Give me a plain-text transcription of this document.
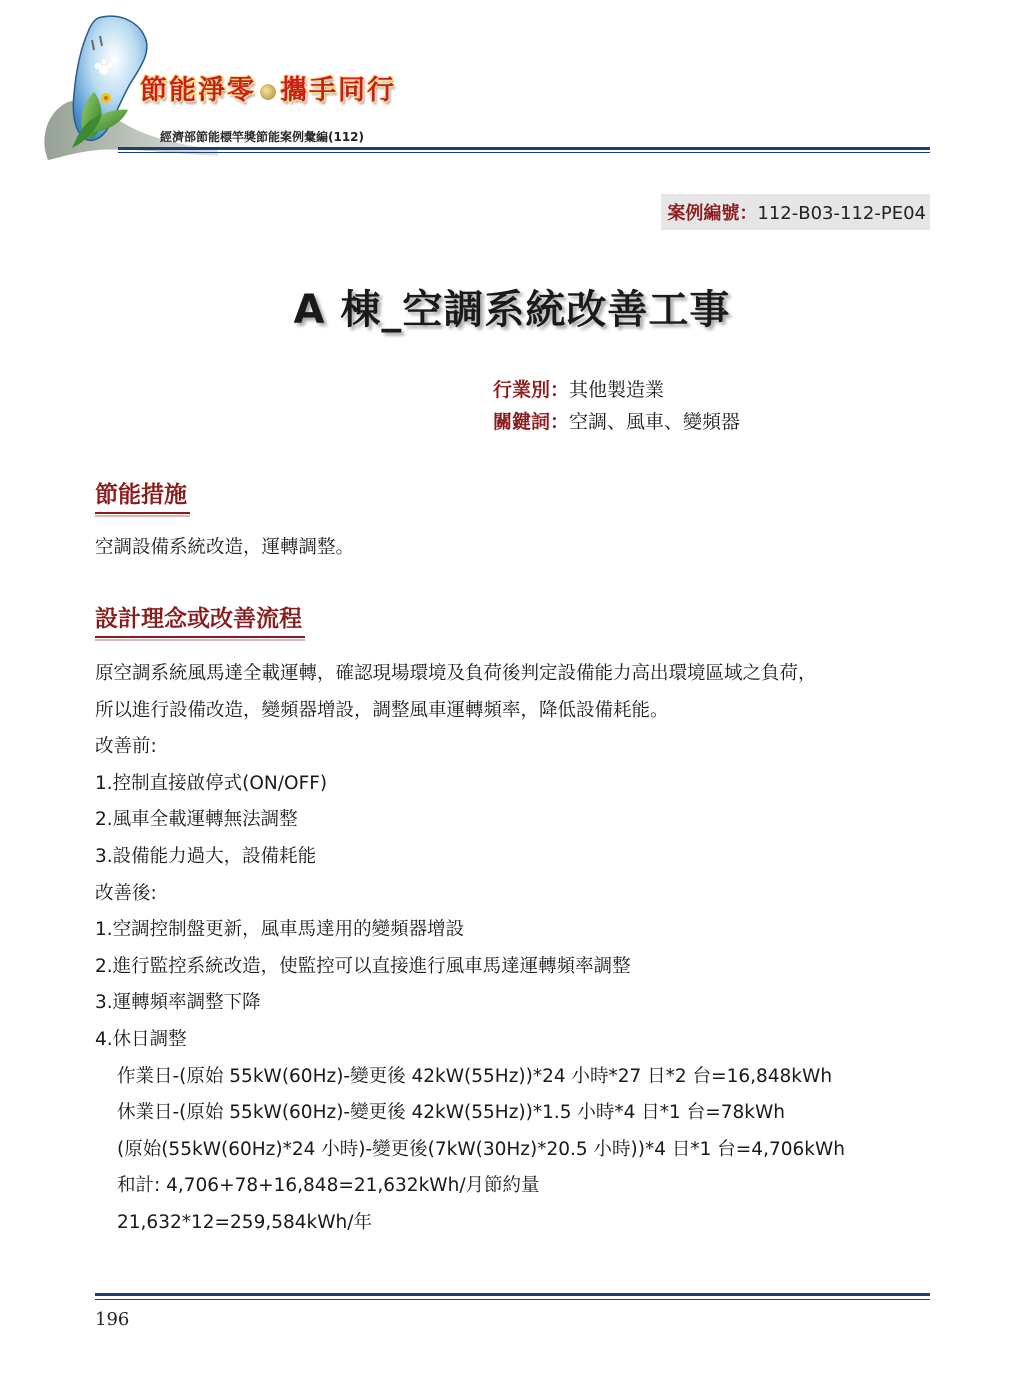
節能淨零 攜手同行
經濟部節能標竿獎節能案例彙編(112)
案例編號：112-B03-112-PE04
A 棟_空調系統改善工事
行業別：其他製造業
關鍵詞：空調、風車、變頻器
節能措施
空調設備系統改造，運轉調整。
設計理念或改善流程
原空調系統風馬達全載運轉，確認現場環境及負荷後判定設備能力高出環境區域之負荷，
所以進行設備改造，變頻器增設，調整風車運轉頻率，降低設備耗能。
改善前:
1.控制直接啟停式(ON/OFF)
2.風車全載運轉無法調整
3.設備能力過大，設備耗能
改善後:
1.空調控制盤更新，風車馬達用的變頻器增設
2.進行監控系統改造，使監控可以直接進行風車馬達運轉頻率調整
3.運轉頻率調整下降
4.休日調整
作業日-(原始 55kW(60Hz)-變更後 42kW(55Hz))*24 小時*27 日*2 台=16,848kWh
休業日-(原始 55kW(60Hz)-變更後 42kW(55Hz))*1.5 小時*4 日*1 台=78kWh
(原始(55kW(60Hz)*24 小時)-變更後(7kW(30Hz)*20.5 小時))*4 日*1 台=4,706kWh
和計: 4,706+78+16,848=21,632kWh/月節約量
21,632*12=259,584kWh/年
196
